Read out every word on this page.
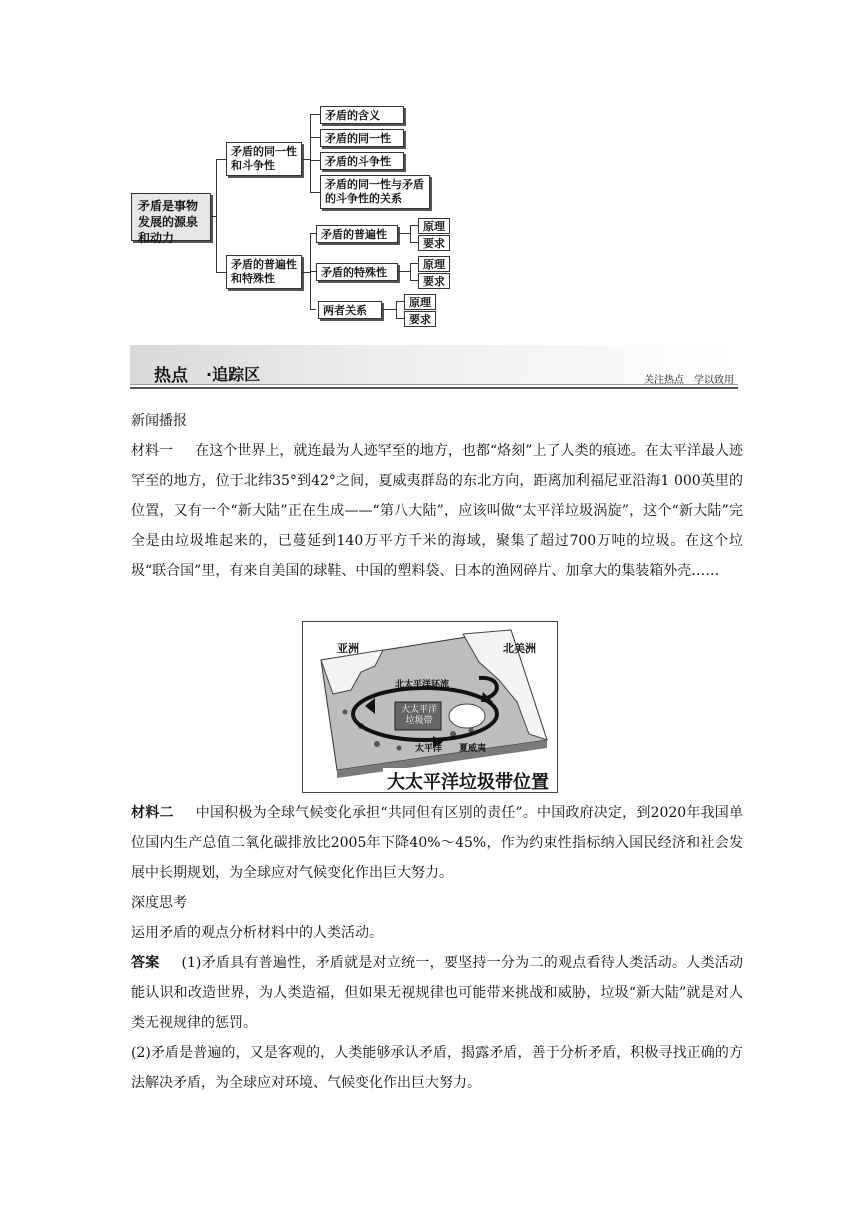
矛盾是事物发展的源泉和动力
矛盾的同一性和斗争性
矛盾的普遍性和特殊性
矛盾的含义
矛盾的同一性
矛盾的斗争性
矛盾的同一性与矛盾的斗争性的关系
矛盾的普遍性
矛盾的特殊性
两者关系
原理
要求
原理
要求
原理
要求
热点 ·追踪区	关注热点　学以致用

新闻播报

材料一 在这个世界上，就连最为人迹罕至的地方，也都“烙刻”上了人类的痕迹。在太平洋最人迹罕至的地方，位于北纬35°到42°之间，夏威夷群岛的东北方向，距离加利福尼亚沿海1 000英里的位置，又有一个“新大陆”正在生成——“第八大陆”，应该叫做“太平洋垃圾涡旋”，这个“新大陆”完全是由垃圾堆起来的，已蔓延到140万平方千米的海域，聚集了超过700万吨的垃圾。在这个垃圾“联合国”里，有来自美国的球鞋、中国的塑料袋、日本的渔网碎片、加拿大的集装箱外壳……

亚洲	北美洲
北太平洋环流
大太平洋垃圾带
太平洋 夏威夷
大太平洋垃圾带位置

材料二 中国积极为全球气候变化承担“共同但有区别的责任”。中国政府决定，到2020年我国单位国内生产总值二氧化碳排放比2005年下降40%～45%，作为约束性指标纳入国民经济和社会发展中长期规划，为全球应对气候变化作出巨大努力。

深度思考

运用矛盾的观点分析材料中的人类活动。

答案 (1)矛盾具有普遍性，矛盾就是对立统一，要坚持一分为二的观点看待人类活动。人类活动能认识和改造世界，为人类造福，但如果无视规律也可能带来挑战和威胁，垃圾“新大陆”就是对人类无视规律的惩罚。

(2)矛盾是普遍的，又是客观的，人类能够承认矛盾，揭露矛盾，善于分析矛盾，积极寻找正确的方法解决矛盾，为全球应对环境、气候变化作出巨大努力。
